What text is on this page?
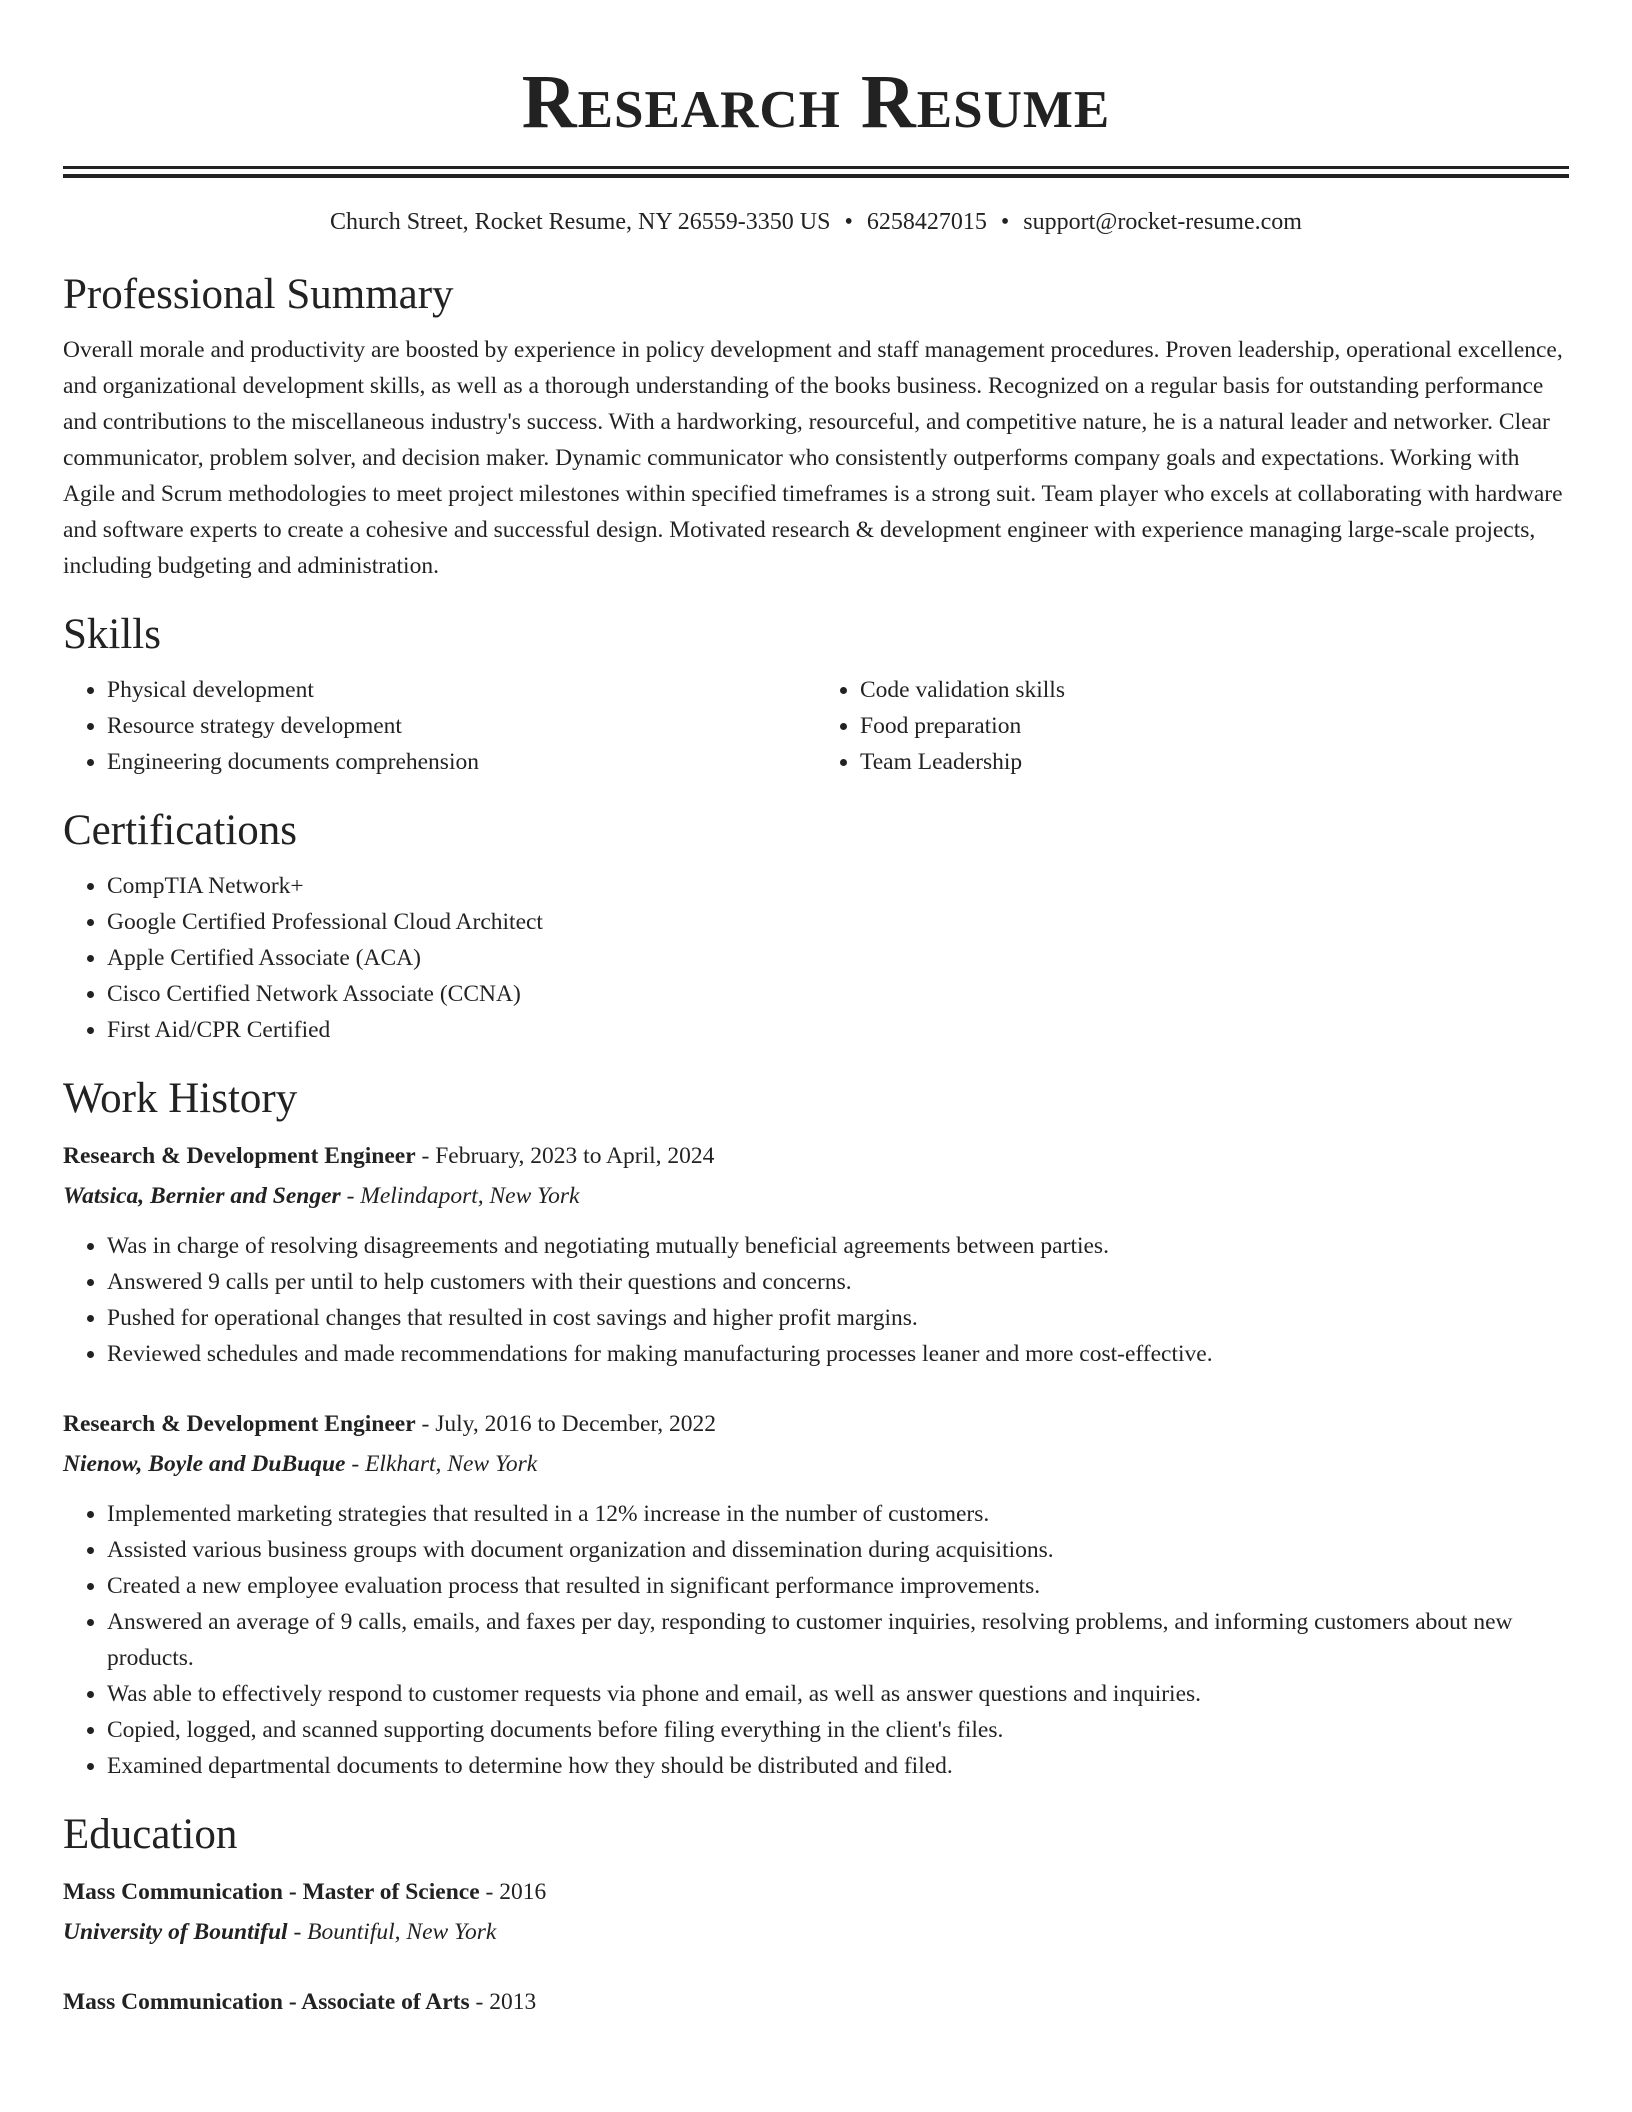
Research Resume
Church Street, Rocket Resume, NY 26559-3350 US • 6258427015 • support@rocket-resume.com
Professional Summary

Overall morale and productivity are boosted by experience in policy development and staff management procedures. Proven leadership, operational excellence, and organizational development skills, as well as a thorough understanding of the books business. Recognized on a regular basis for outstanding performance and contributions to the miscellaneous industry's success. With a hardworking, resourceful, and competitive nature, he is a natural leader and networker. Clear communicator, problem solver, and decision maker. Dynamic communicator who consistently outperforms company goals and expectations. Working with Agile and Scrum methodologies to meet project milestones within specified timeframes is a strong suit. Team player who excels at collaborating with hardware and software experts to create a cohesive and successful design. Motivated research & development engineer with experience managing large-scale projects, including budgeting and administration.

Skills
• Physical development
• Resource strategy development
• Engineering documents comprehension
• Code validation skills
• Food preparation
• Team Leadership
Certifications
• CompTIA Network+
• Google Certified Professional Cloud Architect
• Apple Certified Associate (ACA)
• Cisco Certified Network Associate (CCNA)
• First Aid/CPR Certified
Work History
Research & Development Engineer - February, 2023 to April, 2024
Watsica, Bernier and Senger - Melindaport, New York
• Was in charge of resolving disagreements and negotiating mutually beneficial agreements between parties.
• Answered 9 calls per until to help customers with their questions and concerns.
• Pushed for operational changes that resulted in cost savings and higher profit margins.
• Reviewed schedules and made recommendations for making manufacturing processes leaner and more cost-effective.
Research & Development Engineer - July, 2016 to December, 2022
Nienow, Boyle and DuBuque - Elkhart, New York
• Implemented marketing strategies that resulted in a 12% increase in the number of customers.
• Assisted various business groups with document organization and dissemination during acquisitions.
• Created a new employee evaluation process that resulted in significant performance improvements.
• Answered an average of 9 calls, emails, and faxes per day, responding to customer inquiries, resolving problems, and informing customers about new products.
• Was able to effectively respond to customer requests via phone and email, as well as answer questions and inquiries.
• Copied, logged, and scanned supporting documents before filing everything in the client's files.
• Examined departmental documents to determine how they should be distributed and filed.
Education
Mass Communication - Master of Science - 2016
University of Bountiful - Bountiful, New York
Mass Communication - Associate of Arts - 2013
